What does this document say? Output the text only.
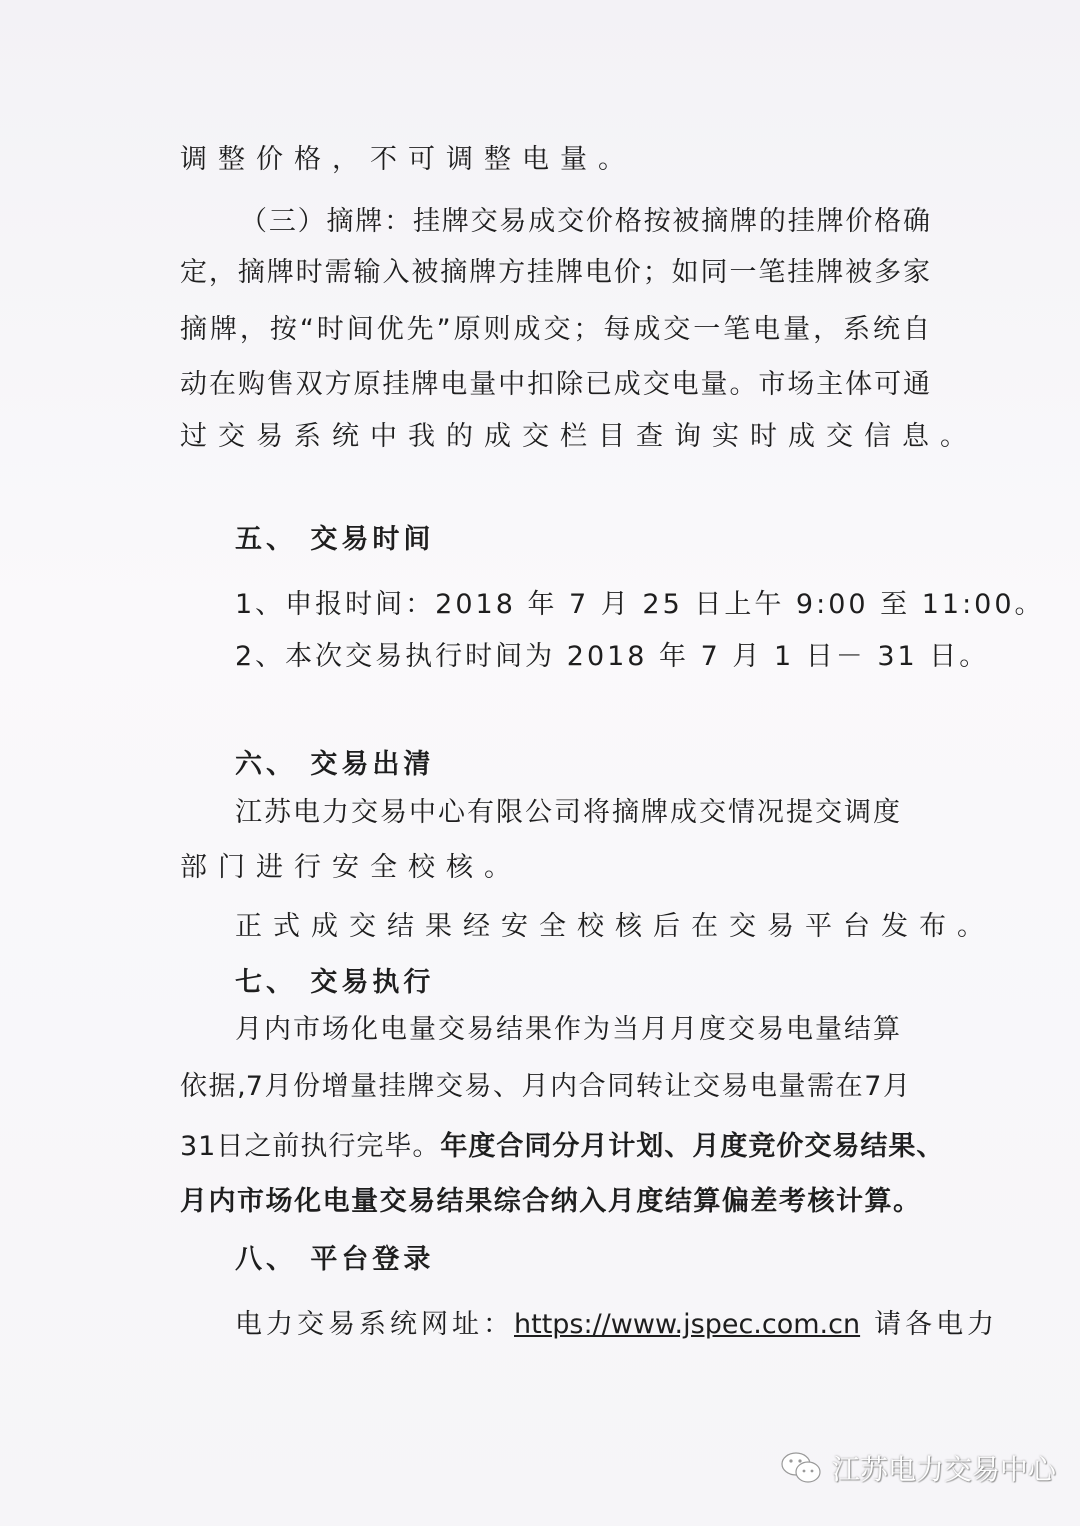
调整价格，不可调整电量。
（三）摘牌：挂牌交易成交价格按被摘牌的挂牌价格确
定，摘牌时需输入被摘牌方挂牌电价；如同一笔挂牌被多家
摘牌，按“时间优先”原则成交；每成交一笔电量，系统自
动在购售双方原挂牌电量中扣除已成交电量。市场主体可通
过交易系统中我的成交栏目查询实时成交信息。
五、 交易时间
1、申报时间：2018 年 7 月 25 日上午 9:00 至 11:00。
2、本次交易执行时间为 2018 年 7 月 1 日－ 31 日。
六、 交易出清
江苏电力交易中心有限公司将摘牌成交情况提交调度
部门进行安全校核。
正式成交结果经安全校核后在交易平台发布。
七、 交易执行
月内市场化电量交易结果作为当月月度交易电量结算
依据,7月份增量挂牌交易、月内合同转让交易电量需在7月
31日之前执行完毕。年度合同分月计划、月度竞价交易结果、
月内市场化电量交易结果综合纳入月度结算偏差考核计算。
八、 平台登录
电力交易系统网址：https://www.jspec.com.cn 请各电力
江苏电力交易中心
